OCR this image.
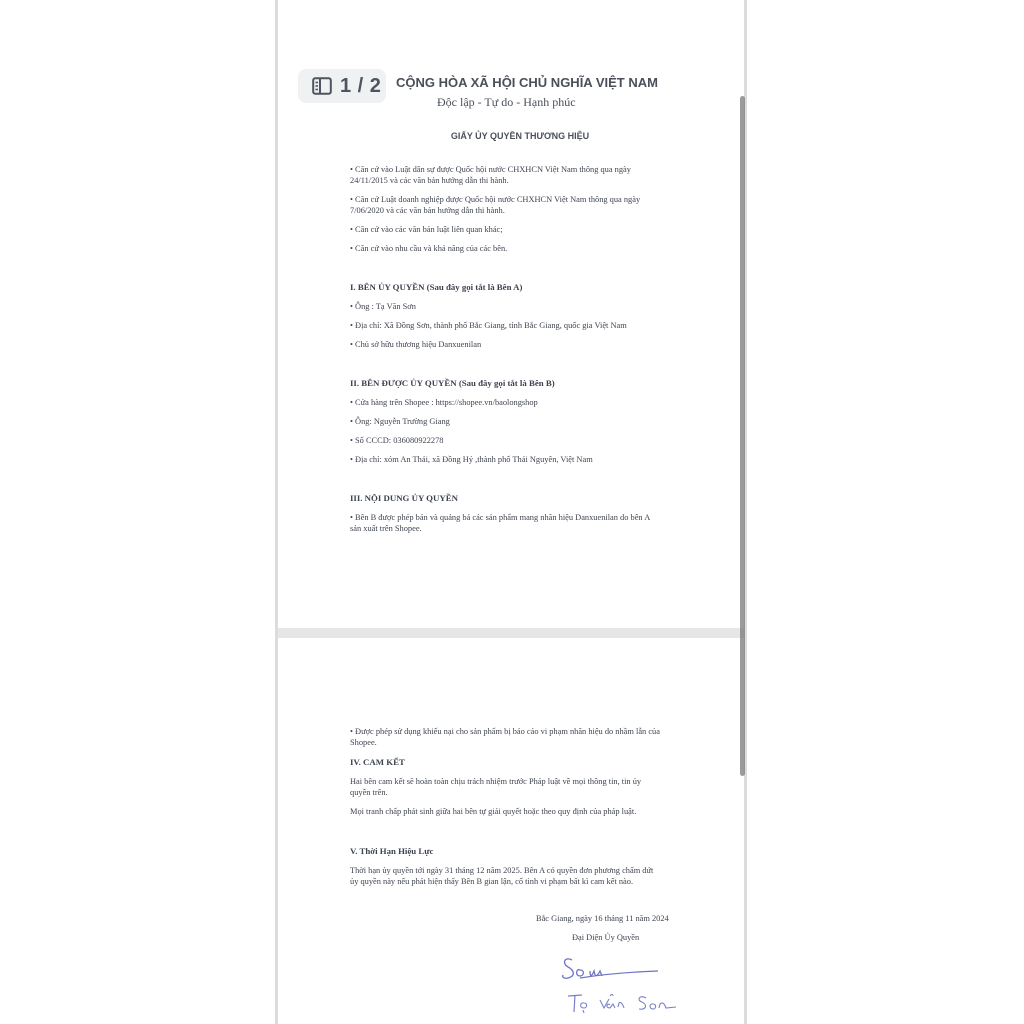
1 / 2 CỘNG HÒA XÃ HỘI CHỦ NGHĨA VIỆT NAM
Độc lập - Tự do - Hạnh phúc
GIẤY ỦY QUYỀN THƯƠNG HIỆU
• Căn cứ vào Luật dân sự được Quốc hội nước CHXHCN Việt Nam thông qua ngày
24/11/2015 và các văn bản hướng dẫn thi hành.
• Căn cứ Luật doanh nghiệp được Quốc hội nước CHXHCN Việt Nam thông qua ngày
7/06/2020 và các văn bản hướng dẫn thi hành.
• Căn cứ vào các văn bản luật liên quan khác;
• Căn cứ vào nhu cầu và khả năng của các bên.
I. BÊN ỦY QUYỀN (Sau đây gọi tắt là Bên A)
• Ông : Tạ Văn Sơn
• Địa chỉ: Xã Đồng Sơn, thành phố Bắc Giang, tỉnh Bắc Giang, quốc gia Việt Nam
• Chủ sở hữu thương hiệu Danxuenilan
II. BÊN ĐƯỢC ỦY QUYỀN (Sau đây gọi tắt là Bên B)
• Cửa hàng trên Shopee : https://shopee.vn/baolongshop
• Ông: Nguyễn Trường Giang
• Số CCCD: 036080922278
• Địa chỉ: xóm An Thái, xã Đồng Hỷ ,thành phố Thái Nguyên, Việt Nam
III. NỘI DUNG ỦY QUYỀN
• Bên B được phép bán và quảng bá các sản phẩm mang nhãn hiệu Danxuenilan do bên A
sản xuất trên Shopee.
• Được phép sử dụng khiếu nại cho sản phẩm bị báo cáo vi phạm nhãn hiệu do nhầm lẫn của
Shopee.
IV. CAM KẾT
Hai bên cam kết sẽ hoàn toàn chịu trách nhiệm trước Pháp luật về mọi thông tin, tin ủy
quyền trên.
Mọi tranh chấp phát sinh giữa hai bên tự giải quyết hoặc theo quy định của pháp luật.
V. Thời Hạn Hiệu Lực
Thời hạn ủy quyền tới ngày 31 tháng 12 năm 2025. Bên A có quyền đơn phương chấm dứt
ủy quyền này nếu phát hiện thấy Bên B gian lận, cố tình vi phạm bất kì cam kết nào.
Bắc Giang, ngày 16 tháng 11 năm 2024
Đại Diện Ủy Quyền
